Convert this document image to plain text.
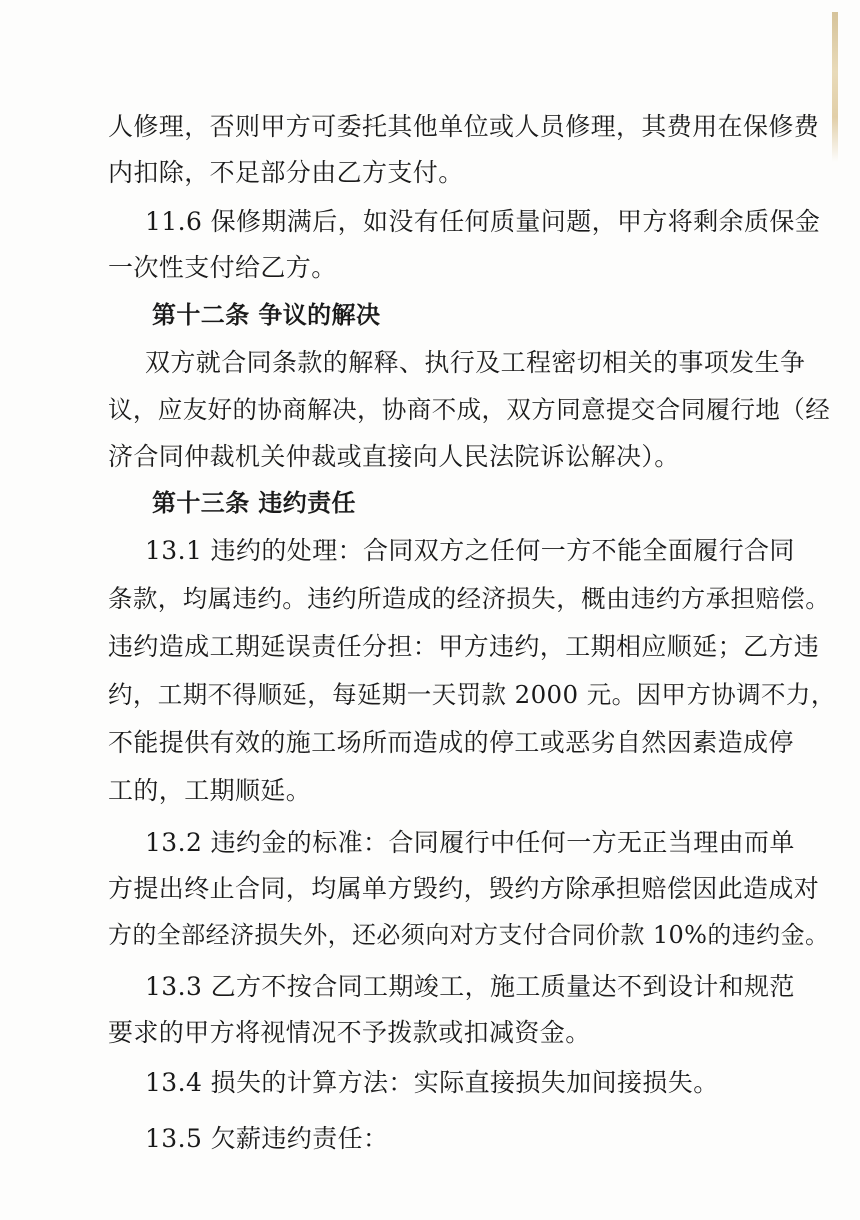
人修理，否则甲方可委托其他单位或人员修理，其费用在保修费
内扣除，不足部分由乙方支付。
11.6 保修期满后，如没有任何质量问题，甲方将剩余质保金
一次性支付给乙方。
第十二条 争议的解决
双方就合同条款的解释、执行及工程密切相关的事项发生争
议，应友好的协商解决，协商不成，双方同意提交合同履行地（经
济合同仲裁机关仲裁或直接向人民法院诉讼解决）。
第十三条 违约责任
13.1 违约的处理：合同双方之任何一方不能全面履行合同
条款，均属违约。违约所造成的经济损失，概由违约方承担赔偿。
违约造成工期延误责任分担：甲方违约，工期相应顺延；乙方违
约，工期不得顺延，每延期一天罚款 2000 元。因甲方协调不力，
不能提供有效的施工场所而造成的停工或恶劣自然因素造成停
工的，工期顺延。
13.2 违约金的标准：合同履行中任何一方无正当理由而单
方提出终止合同，均属单方毁约，毁约方除承担赔偿因此造成对
方的全部经济损失外，还必须向对方支付合同价款 10%的违约金。
13.3 乙方不按合同工期竣工，施工质量达不到设计和规范
要求的甲方将视情况不予拨款或扣减资金。
13.4 损失的计算方法：实际直接损失加间接损失。
13.5 欠薪违约责任：
